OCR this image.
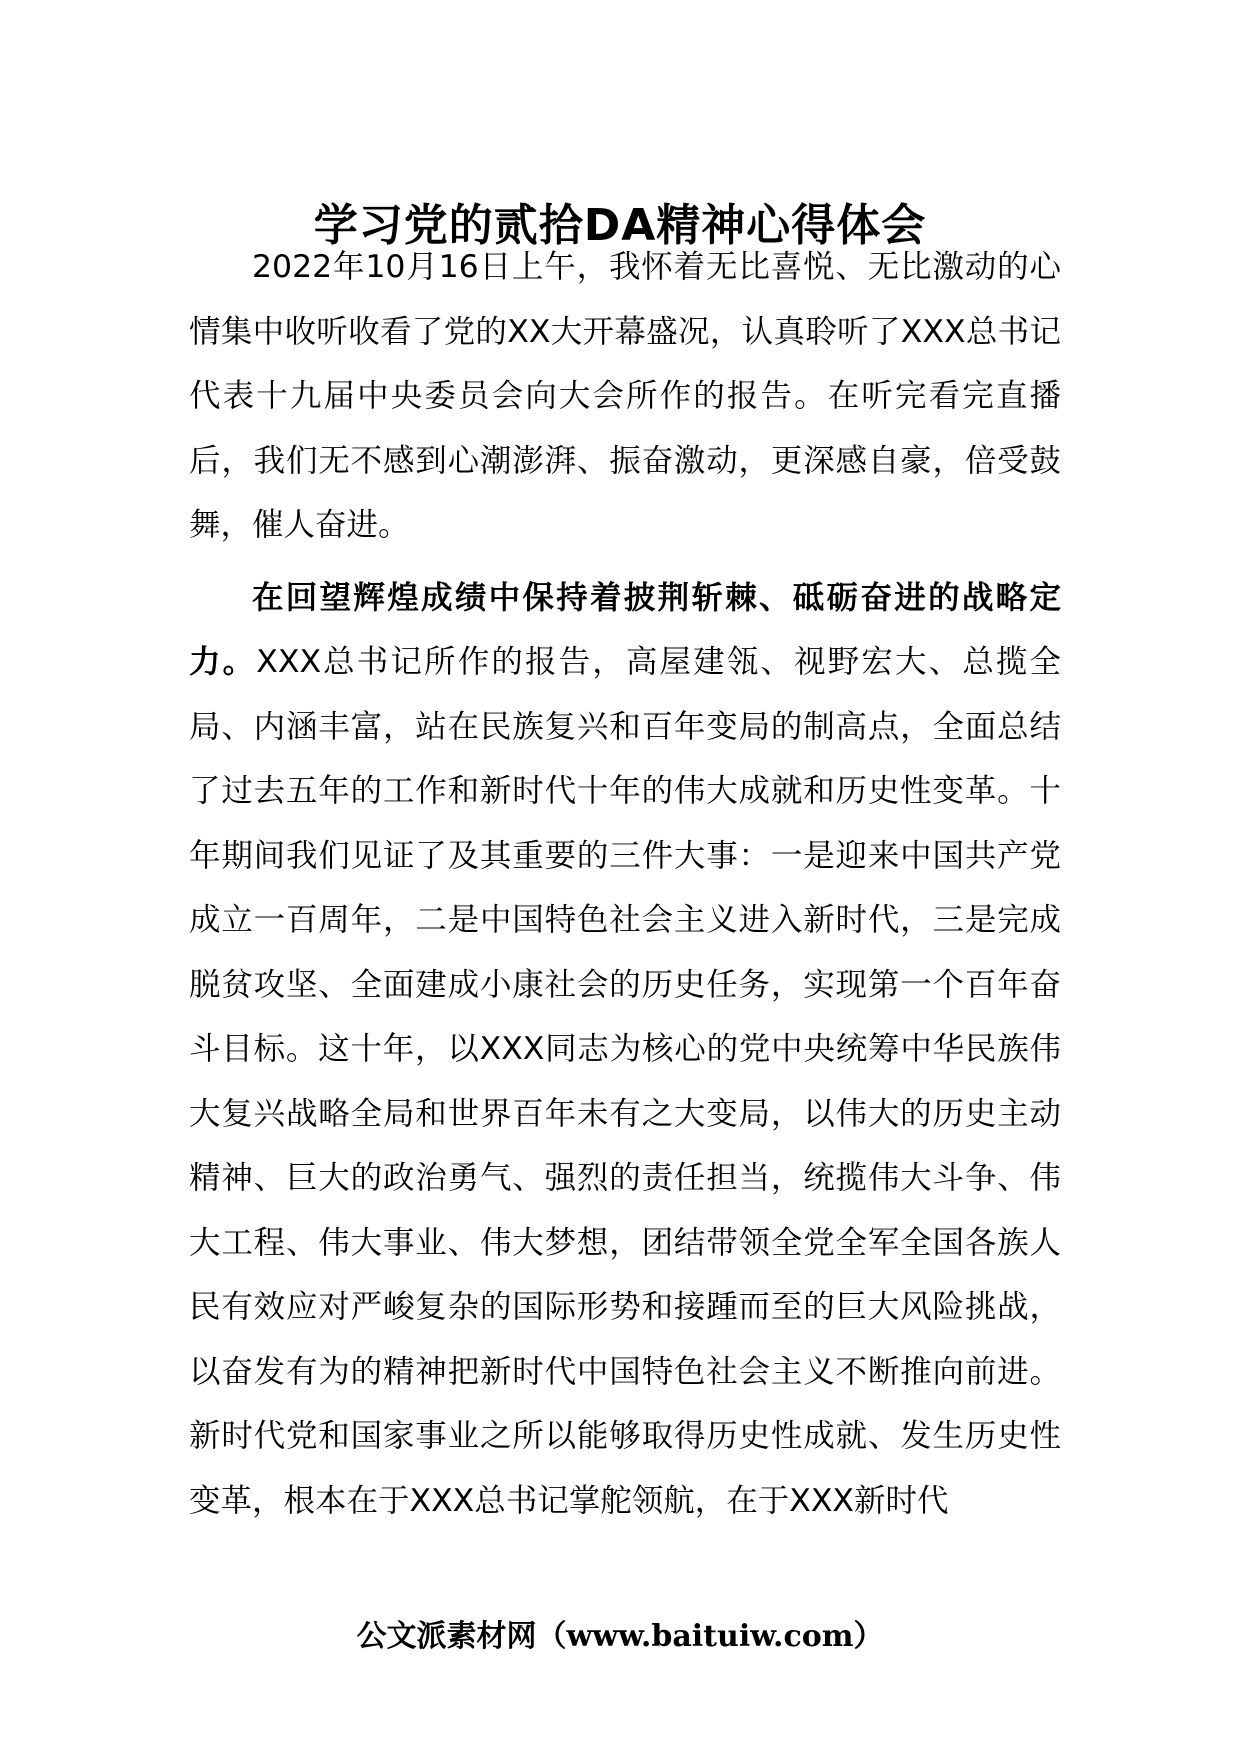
学习党的贰拾DA精神心得体会

2022年10月16日上午，我怀着无比喜悦、无比激动的心情集中收听收看了党的XX大开幕盛况，认真聆听了XXX总书记代表十九届中央委员会向大会所作的报告。在听完看完直播后，我们无不感到心潮澎湃、振奋激动，更深感自豪，倍受鼓舞，催人奋进。

在回望辉煌成绩中保持着披荆斩棘、砥砺奋进的战略定力。XXX总书记所作的报告，高屋建瓴、视野宏大、总揽全局、内涵丰富，站在民族复兴和百年变局的制高点，全面总结了过去五年的工作和新时代十年的伟大成就和历史性变革。十年期间我们见证了及其重要的三件大事：一是迎来中国共产党成立一百周年，二是中国特色社会主义进入新时代，三是完成脱贫攻坚、全面建成小康社会的历史任务，实现第一个百年奋斗目标。这十年，以XXX同志为核心的党中央统筹中华民族伟大复兴战略全局和世界百年未有之大变局，以伟大的历史主动精神、巨大的政治勇气、强烈的责任担当，统揽伟大斗争、伟大工程、伟大事业、伟大梦想，团结带领全党全军全国各族人民有效应对严峻复杂的国际形势和接踵而至的巨大风险挑战，以奋发有为的精神把新时代中国特色社会主义不断推向前进。新时代党和国家事业之所以能够取得历史性成就、发生历史性变革，根本在于XXX总书记掌舵领航，在于XXX新时代

公文派素材网（www.baituiw.com）
